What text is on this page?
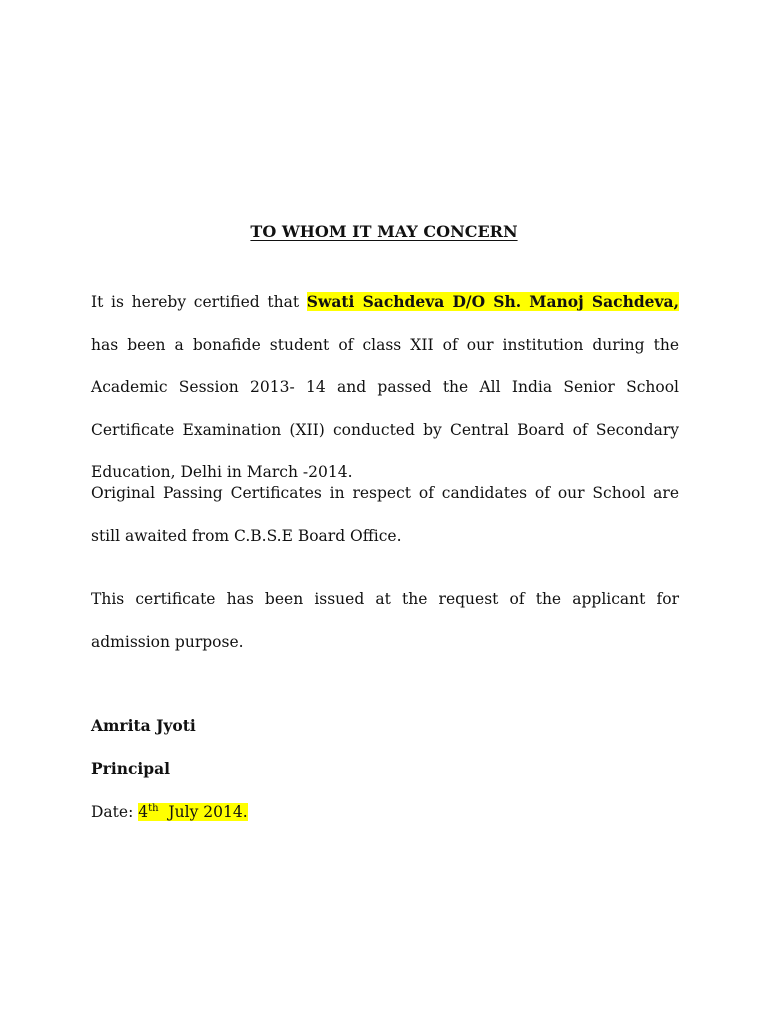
TO WHOM IT MAY CONCERN

It is hereby certified that Swati Sachdeva D/O Sh. Manoj Sachdeva, has been a bonafide student of class XII of our institution during the Academic Session 2013- 14 and passed the All India Senior School Certificate Examination (XII) conducted by Central Board of Secondary Education, Delhi in March -2014.

Original Passing Certificates in respect of candidates of our School are still awaited from C.B.S.E Board Office.

This certificate has been issued at the request of the applicant for admission purpose.

Amrita Jyoti
Principal
Date: 4th  July 2014.
